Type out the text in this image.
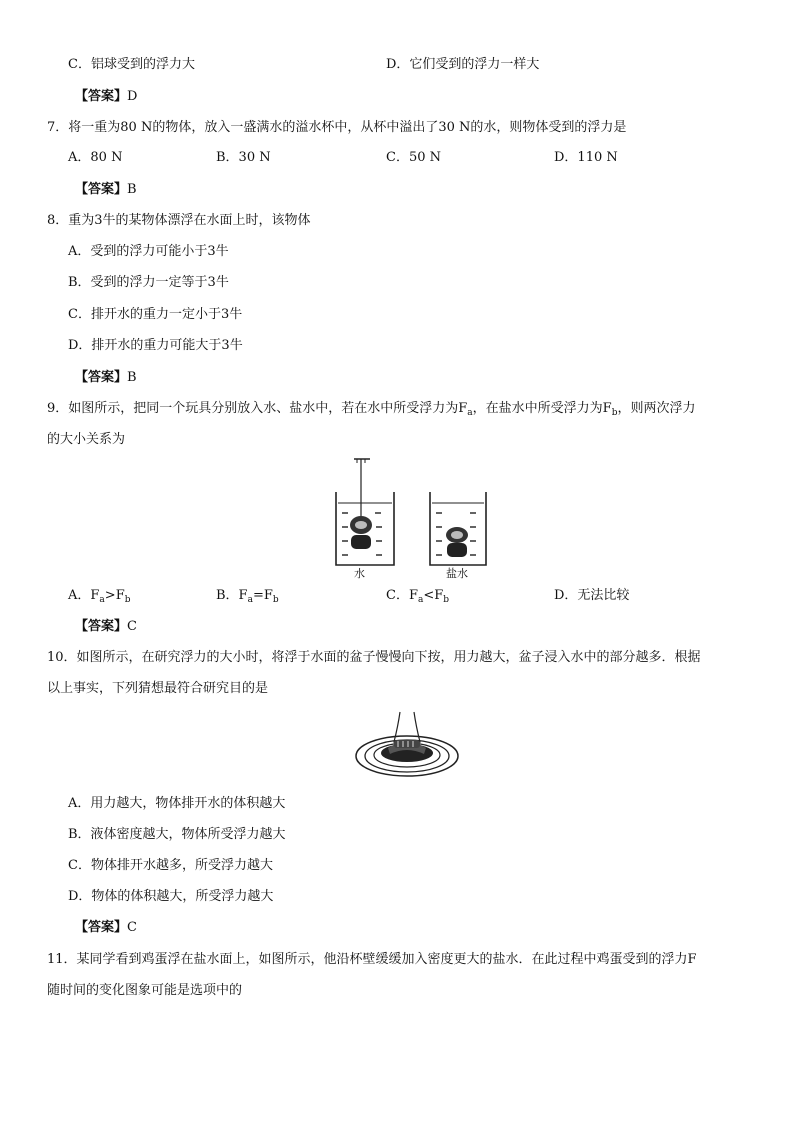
C．铝球受到的浮力大	D．它们受到的浮力一样大
【答案】D
7．将一重为80 N的物体，放入一盛满水的溢水杯中，从杯中溢出了30 N的水，则物体受到的浮力是
A．80 N	B．30 N	C．50 N	D．110 N
【答案】B
8．重为3牛的某物体漂浮在水面上时，该物体
A．受到的浮力可能小于3牛
B．受到的浮力一定等于3牛
C．排开水的重力一定小于3牛
D．排开水的重力可能大于3牛
【答案】B
9．如图所示，把同一个玩具分别放入水、盐水中，若在水中所受浮力为$F_a$，在盐水中所受浮力为$F_b$，则两次浮力
的大小关系为
水	盐水
A．$F_a>F_b$	B．$F_a=F_b$	C．$F_a<F_b$	D．无法比较
【答案】C
10．如图所示，在研究浮力的大小时，将浮于水面的盆子慢慢向下按，用力越大，盆子浸入水中的部分越多．根据
以上事实，下列猜想最符合研究目的是
A．用力越大，物体排开水的体积越大
B．液体密度越大，物体所受浮力越大
C．物体排开水越多，所受浮力越大
D．物体的体积越大，所受浮力越大
【答案】C
11．某同学看到鸡蛋浮在盐水面上，如图所示，他沿杯壁缓缓加入密度更大的盐水．在此过程中鸡蛋受到的浮力F
随时间的变化图象可能是选项中的
